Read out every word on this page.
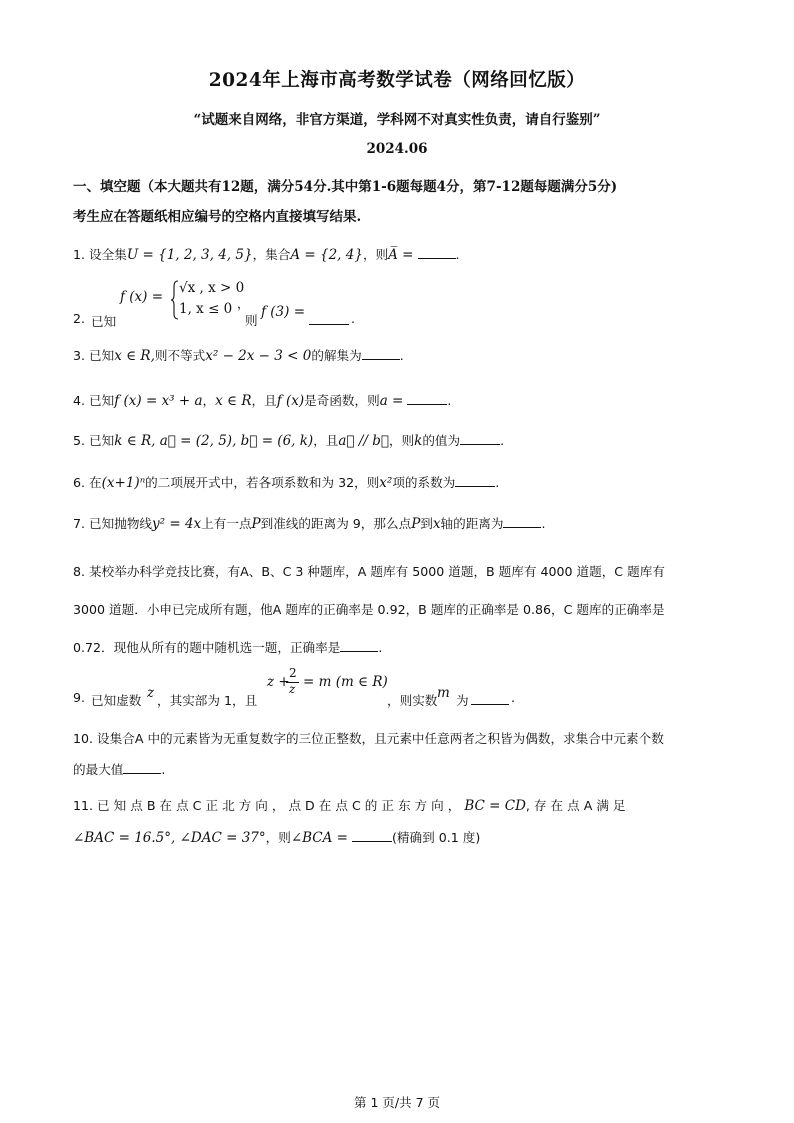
2024年上海市高考数学试卷（网络回忆版）
“试题来自网络，非官方渠道，学科网不对真实性负责，请自行鉴别”
2024.06
一、填空题（本大题共有12题，满分54分.其中第1-6题每题4分，第7-12题每题满分5分)
考生应在答题纸相应编号的空格内直接填写结果.
1. 设全集U = {1, 2, 3, 4, 5}，集合A = {2, 4}，则A̅ =	.
2. 已知
f (x) =
√x , x > 0
1, x ≤ 0 ，
则
f (3) =	.
3. 已知x ∈ R,则不等式x² − 2x − 3 < 0的解集为	.
4. 已知f (x) = x³ + a，x ∈ R，且f (x)是奇函数，则a =	.
5. 已知k ∈ R, a⃗ = (2, 5), b⃗ = (6, k)，且a⃗ // b⃗，则k的值为	.
6. 在(x+1)ⁿ的二项展开式中，若各项系数和为 32，则x²项的系数为	.
7. 已知抛物线y² = 4x上有一点P到准线的距离为 9，那么点P到x轴的距离为	.
8. 某校举办科学竞技比赛，有A、B、C 3 种题库，A 题库有 5000 道题，B 题库有 4000 道题，C 题库有
3000 道题．小申已完成所有题，他A 题库的正确率是 0.92，B 题库的正确率是 0.86，C 题库的正确率是
0.72．现他从所有的题中随机选一题，正确率是	.
9. 已知虚数 z ，其实部为 1，且
z +
2
z = m (m ∈ R)
，则实数 m 为	.
10. 设集合A 中的元素皆为无重复数字的三位正整数，且元素中任意两者之积皆为偶数，求集合中元素个数
的最大值	.
11. 已 知 点 B 在 点 C 正 北 方 向 ， 点 D 在 点 C 的 正 东 方 向 ， BC = CD, 存 在 点 A 满 足
∠BAC = 16.5°, ∠DAC = 37°，则∠BCA =	(精确到 0.1 度)
第 1 页/共 7 页
